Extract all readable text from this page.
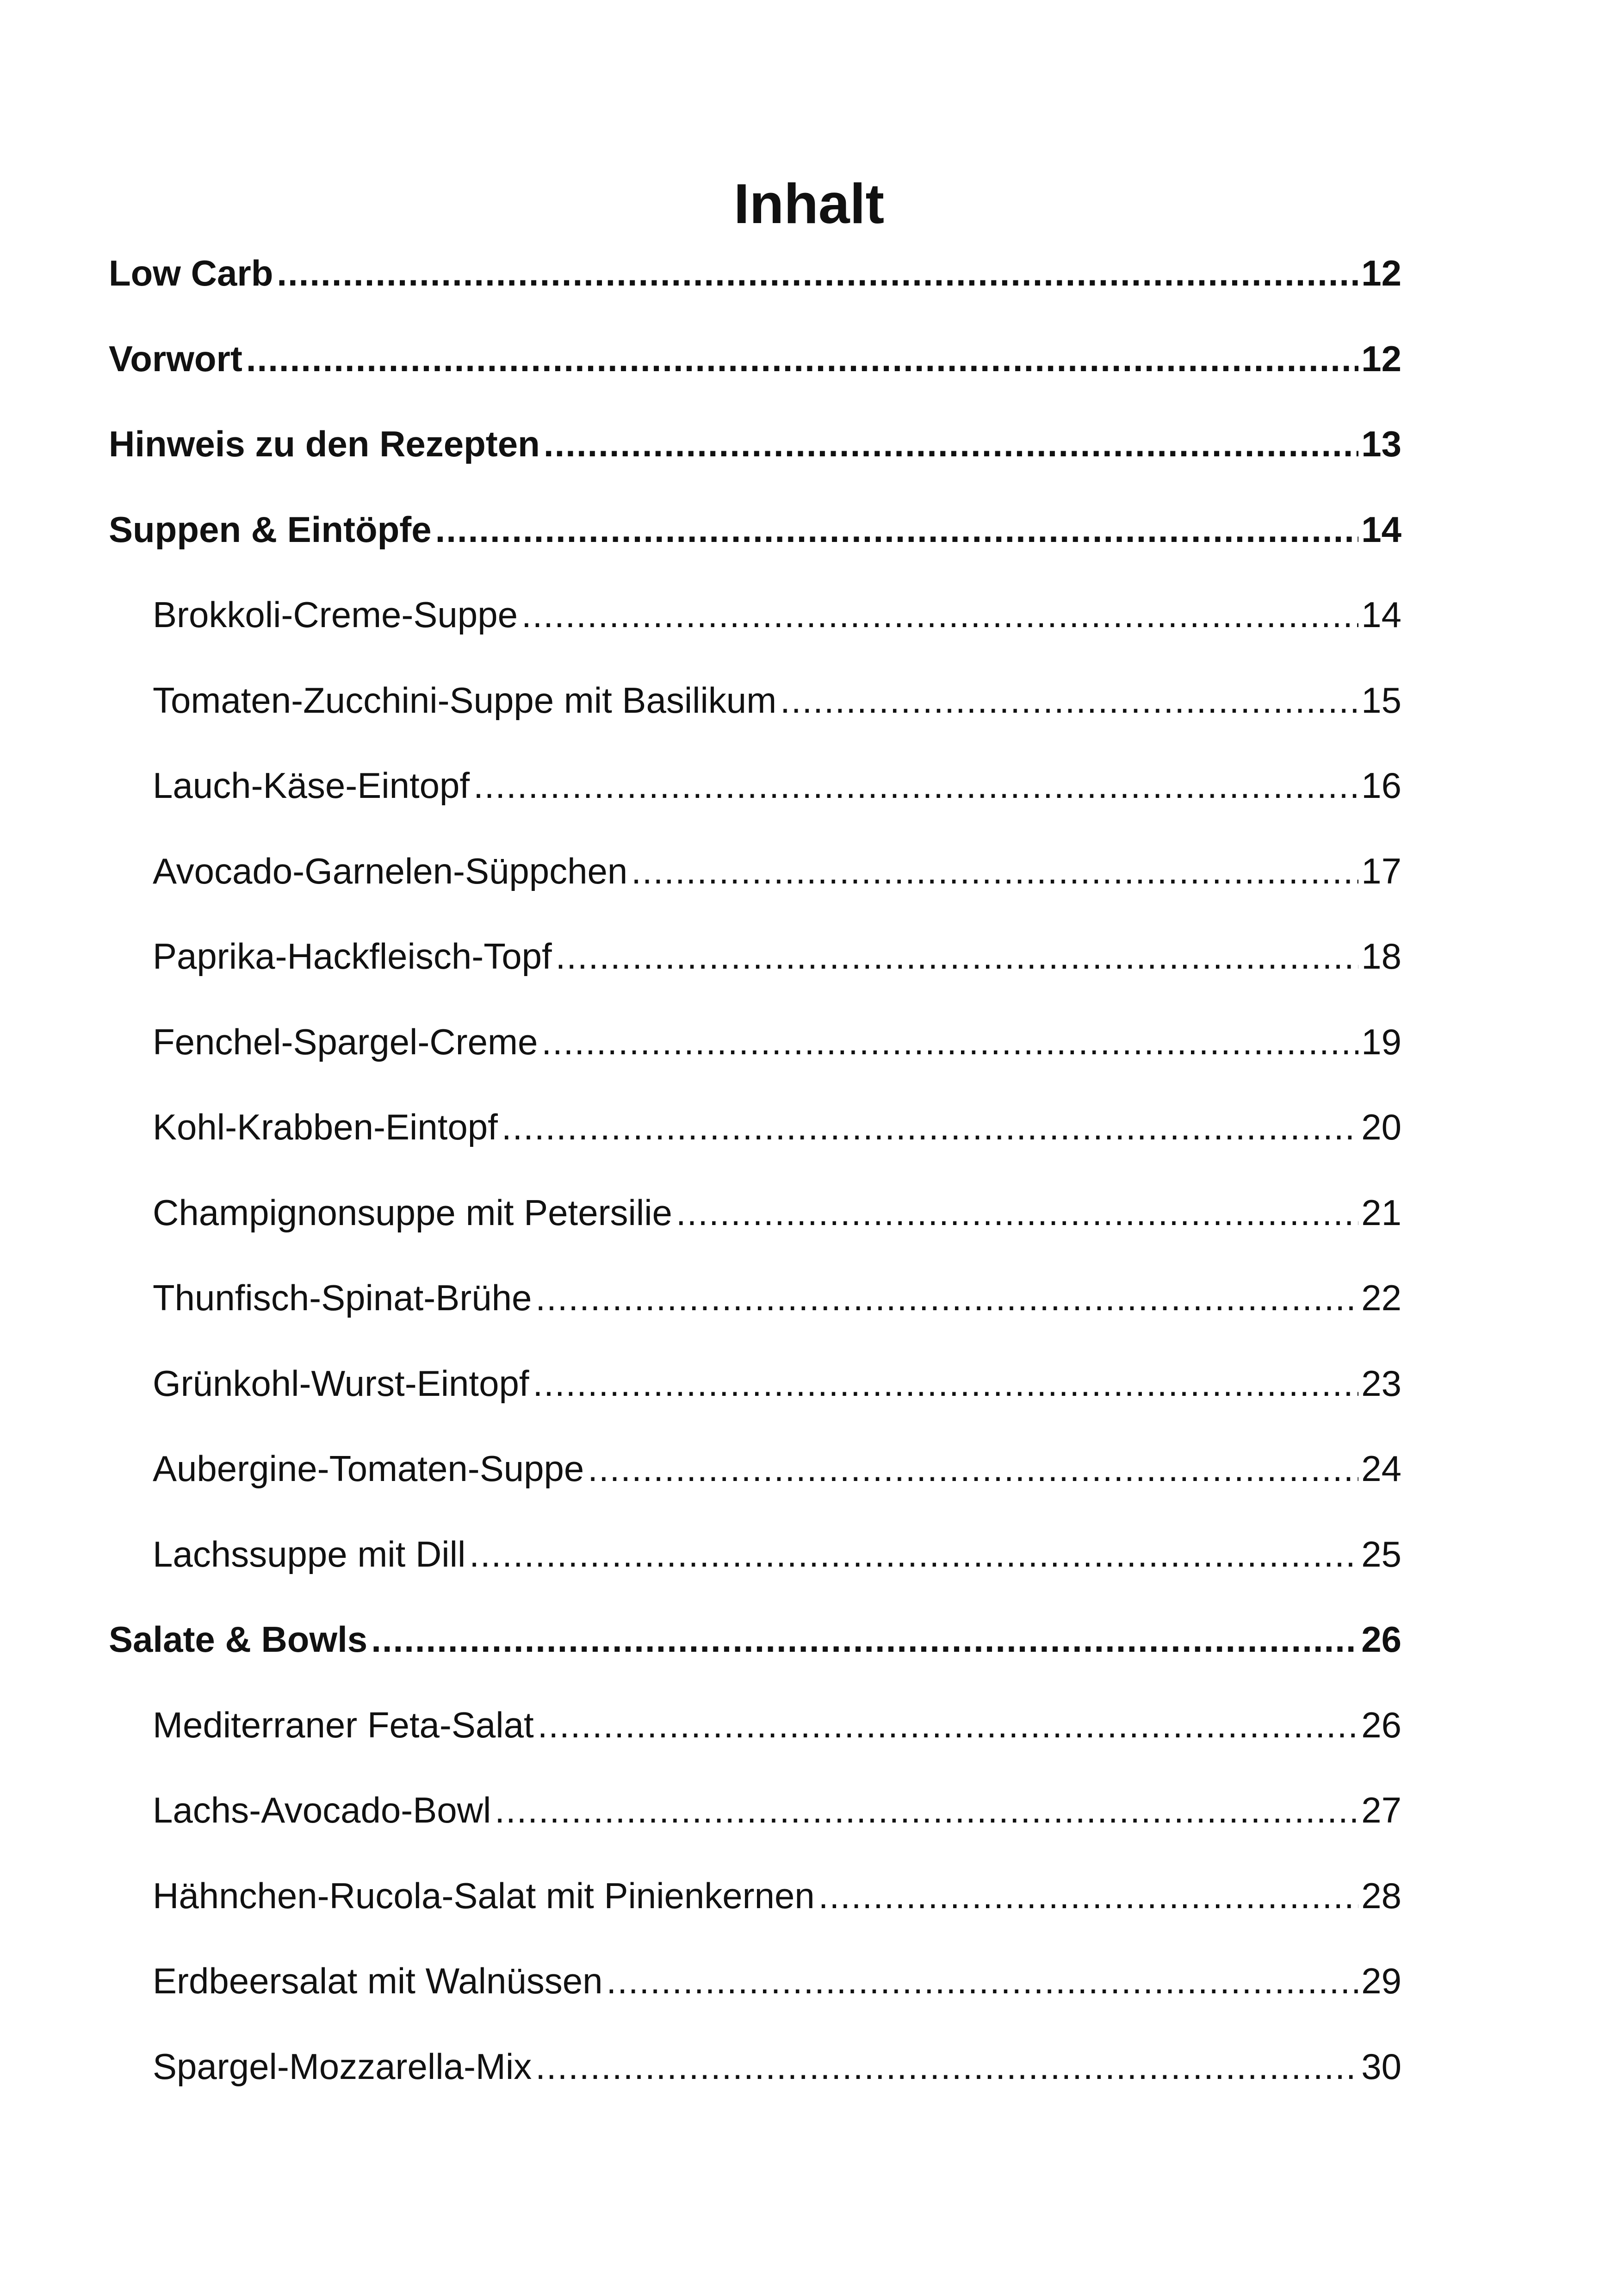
Inhalt
Low Carb .....	12
Vorwort .....	12
Hinweis zu den Rezepten .....	13
Suppen & Eintöpfe .....	14
Brokkoli-Creme-Suppe .....	14
Tomaten-Zucchini-Suppe mit Basilikum .....	15
Lauch-Käse-Eintopf .....	16
Avocado-Garnelen-Süppchen .....	17
Paprika-Hackfleisch-Topf .....	18
Fenchel-Spargel-Creme .....	19
Kohl-Krabben-Eintopf .....	20
Champignonsuppe mit Petersilie .....	21
Thunfisch-Spinat-Brühe .....	22
Grünkohl-Wurst-Eintopf .....	23
Aubergine-Tomaten-Suppe .....	24
Lachssuppe mit Dill .....	25
Salate & Bowls .....	26
Mediterraner Feta-Salat .....	26
Lachs-Avocado-Bowl .....	27
Hähnchen-Rucola-Salat mit Pinienkernen .....	28
Erdbeersalat mit Walnüssen .....	29
Spargel-Mozzarella-Mix .....	30
